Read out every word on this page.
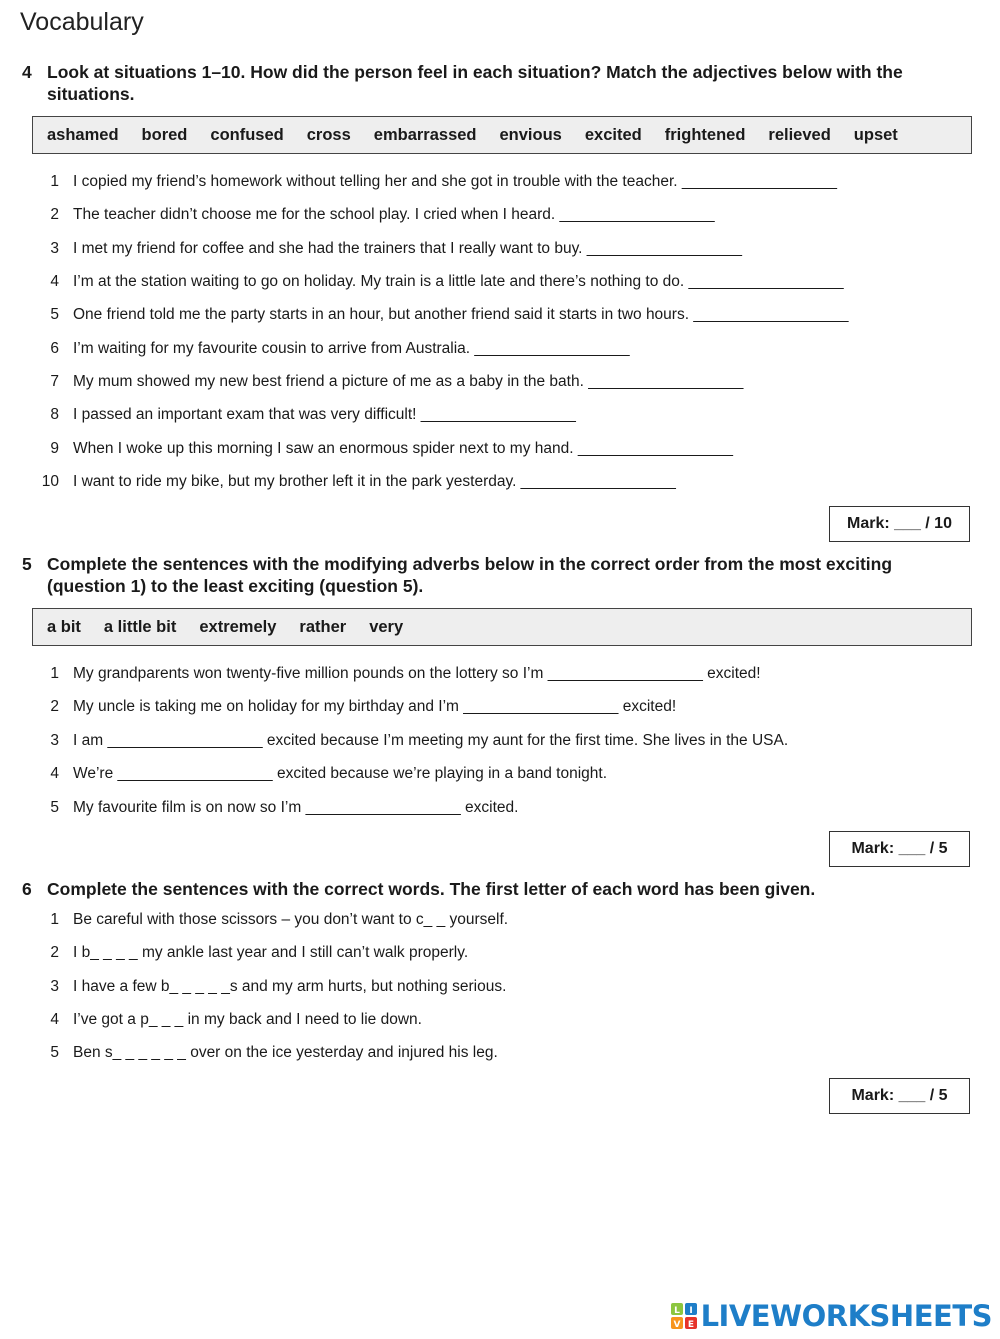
Vocabulary
4 Look at situations 1–10. How did the person feel in each situation? Match the adjectives below with the situations.
ashamed bored confused cross embarrassed envious excited frightened relieved upset
1 I copied my friend’s homework without telling her and she got in trouble with the teacher. __________________
2 The teacher didn’t choose me for the school play. I cried when I heard. __________________
3 I met my friend for coffee and she had the trainers that I really want to buy. __________________
4 I’m at the station waiting to go on holiday. My train is a little late and there’s nothing to do. __________________
5 One friend told me the party starts in an hour, but another friend said it starts in two hours. __________________
6 I’m waiting for my favourite cousin to arrive from Australia. __________________
7 My mum showed my new best friend a picture of me as a baby in the bath. __________________
8 I passed an important exam that was very difficult! __________________
9 When I woke up this morning I saw an enormous spider next to my hand. __________________
10 I want to ride my bike, but my brother left it in the park yesterday. __________________
Mark: ___ / 10
5 Complete the sentences with the modifying adverbs below in the correct order from the most exciting (question 1) to the least exciting (question 5).
a bit a little bit extremely rather very
1 My grandparents won twenty-five million pounds on the lottery so I’m __________________ excited!
2 My uncle is taking me on holiday for my birthday and I’m __________________ excited!
3 I am __________________ excited because I’m meeting my aunt for the first time. She lives in the USA.
4 We’re __________________ excited because we’re playing in a band tonight.
5 My favourite film is on now so I’m __________________ excited.
Mark: ___ / 5
6 Complete the sentences with the correct words. The first letter of each word has been given.
1 Be careful with those scissors – you don’t want to c_ _ yourself.
2 I b_ _ _ _ my ankle last year and I still can’t walk properly.
3 I have a few b_ _ _ _ _s and my arm hurts, but nothing serious.
4 I’ve got a p_ _ _ in my back and I need to lie down.
5 Ben s_ _ _ _ _ _ over on the ice yesterday and injured his leg.
Mark: ___ / 5
L I
V E LIVEWORKSHEETS
